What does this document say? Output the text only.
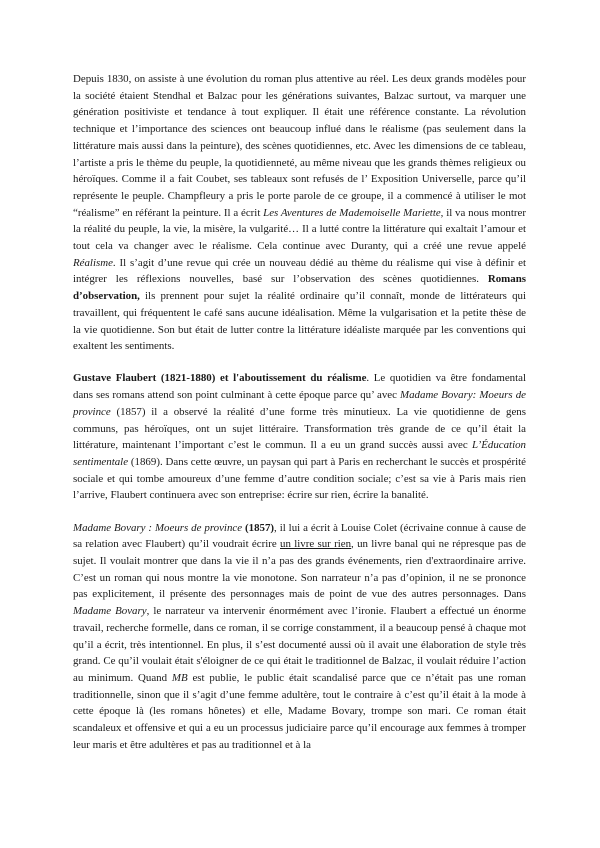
Depuis 1830, on assiste à une évolution du roman plus attentive au réel. Les deux grands modèles pour la société étaient Stendhal et Balzac pour les générations suivantes, Balzac surtout, va marquer une génération positiviste et tendance à tout expliquer. Il était une référence constante. La révolution technique et l’importance des sciences ont beaucoup influé dans le réalisme (pas seulement dans la littérature mais aussi dans la peinture), des scènes quotidiennes, etc. Avec les dimensions de ce tableau, l’artiste a pris le thème du peuple, la quotidienneté, au même niveau que les grands thèmes religieux ou héroïques. Comme il a fait Coubet, ses tableaux sont refusés de l’ Exposition Universelle, parce qu’il représente le peuple. Champfleury a pris le porte parole de ce groupe, il a commencé à utiliser le mot “réalisme” en référant la peinture. Il a écrit Les Aventures de Mademoiselle Mariette, il va nous montrer la réalité du peuple, la vie, la misère, la vulgarité… Il a lutté contre la littérature qui exaltait l’amour et tout cela va changer avec le réalisme. Cela continue avec Duranty, qui a créé une revue appelé Réalisme. Il s’agit d’une revue qui crée un nouveau dédié au thème du réalisme qui vise à définir et intégrer les réflexions nouvelles, basé sur l’observation des scènes quotidiennes. Romans d’observation, ils prennent pour sujet la réalité ordinaire qu’il connaît, monde de littérateurs qui travaillent, qui fréquentent le café sans aucune idéalisation. Même la vulgarisation et la petite thèse de la vie quotidienne. Son but était de lutter contre la littérature idéaliste marquée par les conventions qui exaltent les sentiments.

Gustave Flaubert (1821-1880) et l'aboutissement du réalisme. Le quotidien va être fondamental dans ses romans attend son point culminant à cette époque parce qu’ avec Madame Bovary: Moeurs de province (1857) il a observé la réalité d’une forme très minutieux. La vie quotidienne de gens communs, pas héroïques, ont un sujet littéraire. Transformation très grande de ce qu’il était la littérature, maintenant l’important c’est le commun. Il a eu un grand succès aussi avec L’Éducation sentimentale (1869). Dans cette œuvre, un paysan qui part à Paris en recherchant le succès et prospérité sociale et qui tombe amoureux d’une femme d’autre condition sociale; c’est sa vie à Paris mais rien l’arrive, Flaubert continuera avec son entreprise: écrire sur rien, écrire la banalité.

Madame Bovary : Moeurs de province (1857), il lui a écrit à Louise Colet (écrivaine connue à cause de sa relation avec Flaubert) qu’il voudrait écrire un livre sur rien, un livre banal qui ne répresque pas de sujet. Il voulait montrer que dans la vie il n’a pas des grands événements, rien d'extraordinaire arrive. C’est un roman qui nous montre la vie monotone. Son narrateur n’a pas d’opinion, il ne se prononce pas explicitement, il présente des personnages mais de point de vue des autres personnages. Dans Madame Bovary, le narrateur va intervenir énormément avec l’ironie. Flaubert a effectué un énorme travail, recherche formelle, dans ce roman, il se corrige constamment, il a beaucoup pensé à chaque mot qu’il a écrit, très intentionnel. En plus, il s’est documenté aussi où il avait une élaboration de style très grand. Ce qu’il voulait était s'éloigner de ce qui était le traditionnel de Balzac, il voulait réduire l’action au minimum. Quand MB est publie, le public était scandalisé parce que ce n’était pas une roman traditionnelle, sinon que il s’agit d’une femme adultère, tout le contraire à c’est qu’il était à la mode à cette époque là (les romans hônetes) et elle, Madame Bovary, trompe son mari. Ce roman était scandaleux et offensive et qui a eu un processus judiciaire parce qu’il encourage aux femmes à tromper leur maris et être adultères et pas au traditionnel et à la
